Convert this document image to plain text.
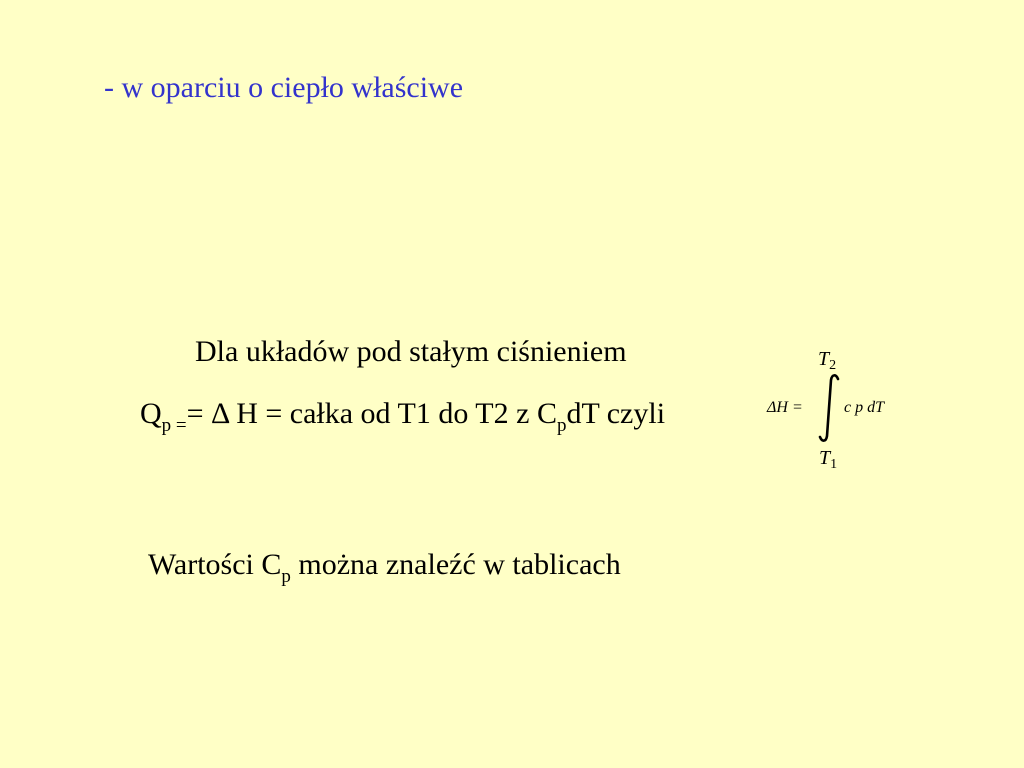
- w oparciu o ciepło właściwe
Dla układów pod stałym ciśnieniem
$Q_{p =}= \Delta$ H = całka od T1 do T2 z $C_pdT$ czyli
$T_2$
ΔH =	c p dT
$T_1$
Wartości $C_p$ można znaleźć w tablicach
